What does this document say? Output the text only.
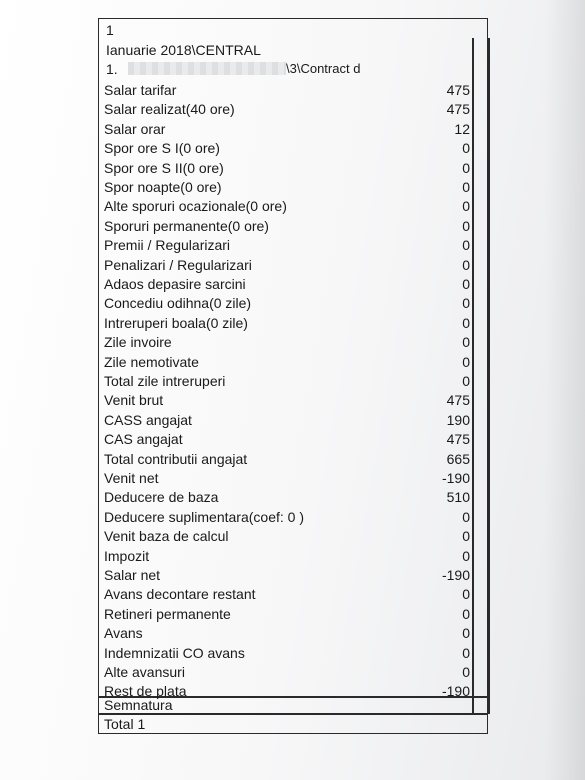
1
Ianuarie 2018\CENTRAL
1.	\3\Contract d
Salar tarifar	475
Salar realizat(40 ore)	475
Salar orar	12
Spor ore S I(0 ore)	0
Spor ore S II(0 ore)	0
Spor noapte(0 ore)	0
Alte sporuri ocazionale(0 ore)	0
Sporuri permanente(0 ore)	0
Premii / Regularizari	0
Penalizari / Regularizari	0
Adaos depasire sarcini	0
Concediu odihna(0 zile)	0
Intreruperi boala(0 zile)	0
Zile invoire	0
Zile nemotivate	0
Total zile intreruperi	0
Venit brut	475
CASS angajat	190
CAS angajat	475
Total contributii angajat	665
Venit net	-190
Deducere de baza	510
Deducere suplimentara(coef: 0 )	0
Venit baza de calcul	0
Impozit	0
Salar net	-190
Avans decontare restant	0
Retineri permanente	0
Avans	0
Indemnizatii CO avans	0
Alte avansuri	0
Rest de plata	-190
Semnatura
Total 1
